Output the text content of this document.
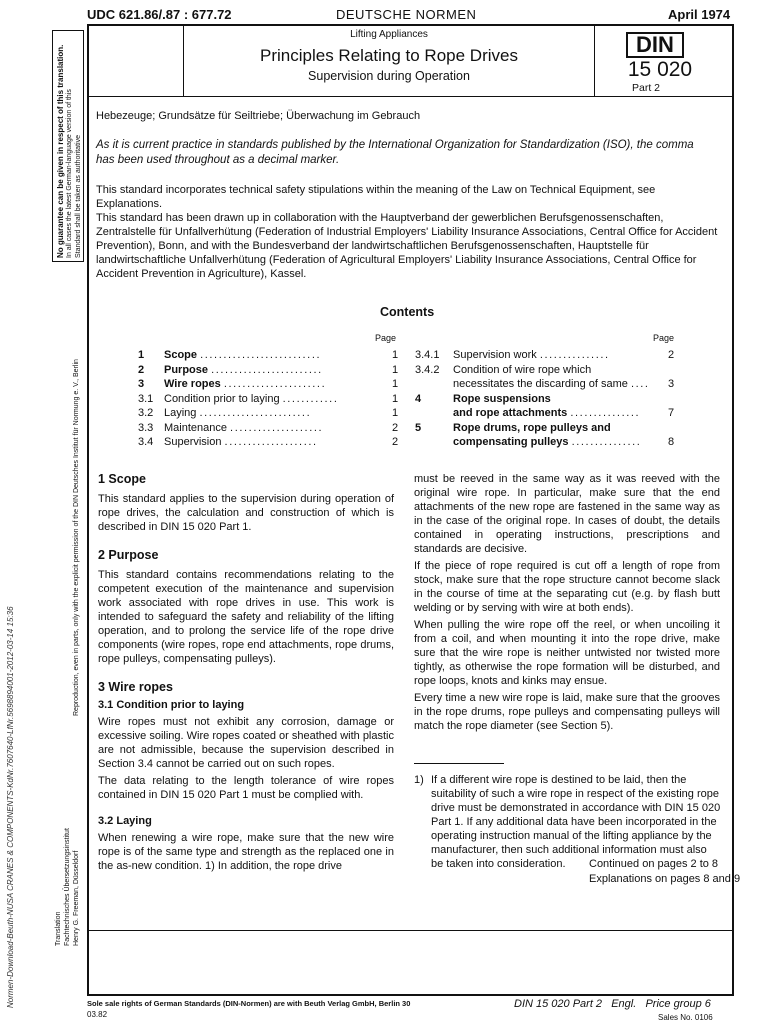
UDC 621.86/.87 : 677.72	DEUTSCHE NORMEN	April 1974
Lifting Appliances
Principles Relating to Rope Drives
Supervision during Operation
DIN
15 020
Part 2
Hebezeuge; Grundsätze für Seiltriebe; Überwachung im Gebrauch
As it is current practice in standards published by the International Organization for Standardization (ISO), the comma has been used throughout as a decimal marker.
This standard incorporates technical safety stipulations within the meaning of the Law on Technical Equipment, see Explanations.
This standard has been drawn up in collaboration with the Hauptverband der gewerblichen Berufsgenossenschaften, Zentralstelle für Unfallverhütung (Federation of Industrial Employers' Liability Insurance Associations, Central Office for Accident Prevention), Bonn, and with the Bundesverband der landwirtschaftlichen Berufsgenossenschaften, Hauptstelle für landwirtschaftliche Unfallverhütung (Federation of Agricultural Employers' Liability Insurance Associations, Central Office for Accident Prevention in Agriculture), Kassel.
Contents
Page	Page
1 Scope ..........................	1
2 Purpose ........................	1
3 Wire ropes ......................	1
3.1 Condition prior to laying ............	1
3.2 Laying ........................	1
3.3 Maintenance ....................	2
3.4 Supervision ....................	2
3.4.1 Supervision work ...............	2
3.4.2 Condition of wire rope which
necessitates the discarding of same .... 3
4	Rope suspensions
and rope attachments ...............	7
5	Rope drums, rope pulleys and
compensating pulleys ............... 8
1 Scope

This standard applies to the supervision during operation of rope drives, the calculation and construction of which is described in DIN 15 020 Part 1.

2 Purpose

This standard contains recommendations relating to the competent execution of the maintenance and supervision work associated with rope drives in use. This work is intended to safeguard the safety and reliability of the lifting operation, and to prolong the service life of the rope drive components (wire ropes, rope end attachments, rope drums, rope pulleys, compensating pulleys).

3 Wire ropes
3.1 Condition prior to laying

Wire ropes must not exhibit any corrosion, damage or excessive soiling. Wire ropes coated or sheathed with plastic are not admissible, because the supervision described in Section 3.4 cannot be carried out on such ropes.

The data relating to the length tolerance of wire ropes contained in DIN 15 020 Part 1 must be complied with.

3.2 Laying

When renewing a wire rope, make sure that the new wire rope is of the same type and strength as the replaced one in the as-new condition. 1) In addition, the rope drive

must be reeved in the same way as it was reeved with the original wire rope. In particular, make sure that the end attachments of the new rope are fastened in the same way as in the case of the original rope. In cases of doubt, the details contained in operating instructions, prescriptions and standards are decisive.

If the piece of rope required is cut off a length of rope from stock, make sure that the rope structure cannot become slack in the course of time at the separating cut (e.g. by flash butt welding or by serving with wire at both ends).

When pulling the wire rope off the reel, or when uncoiling it from a coil, and when mounting it into the rope drive, make sure that the wire rope is neither untwisted nor twisted more tightly, as otherwise the rope formation will be disturbed, and rope loops, knots and kinks may ensue.

Every time a new wire rope is laid, make sure that the grooves in the rope drums, rope pulleys and compensating pulleys will match the rope diameter (see Section 5).

1) If a different wire rope is destined to be laid, then the suitability of such a wire rope in respect of the existing rope drive must be demonstrated in accordance with DIN 15 020 Part 1. If any additional data have been incorporated in the operating instruction manual of the lifting appliance by the manufacturer, then such additional information must also be taken into consideration.	Continued on pages 2 to 8
Explanations on pages 8 and 9
No guarantee can be given in respect of this translation. In all cases the latest German-language version of this Standard shall be taken as authoritative
Reproduction, even in parts, only with the explicit permission of the DIN Deutsches Institut für Normung e. V., Berlin
Translation Fachtechnisches Übersetzungsinstitut Henry G. Freeman, Düsseldorf
Normen-Download-Beuth-NUSA CRANES & COMPONENTS-KdNr.7607640-LfNr.5698894001-2012-03-14 15:36	Sole sale rights of German Standards (DIN-Normen) are with Beuth Verlag GmbH, Berlin 30
03.82
DIN 15 020 Part 2   Engl.   Price group 6
Sales No. 0106
